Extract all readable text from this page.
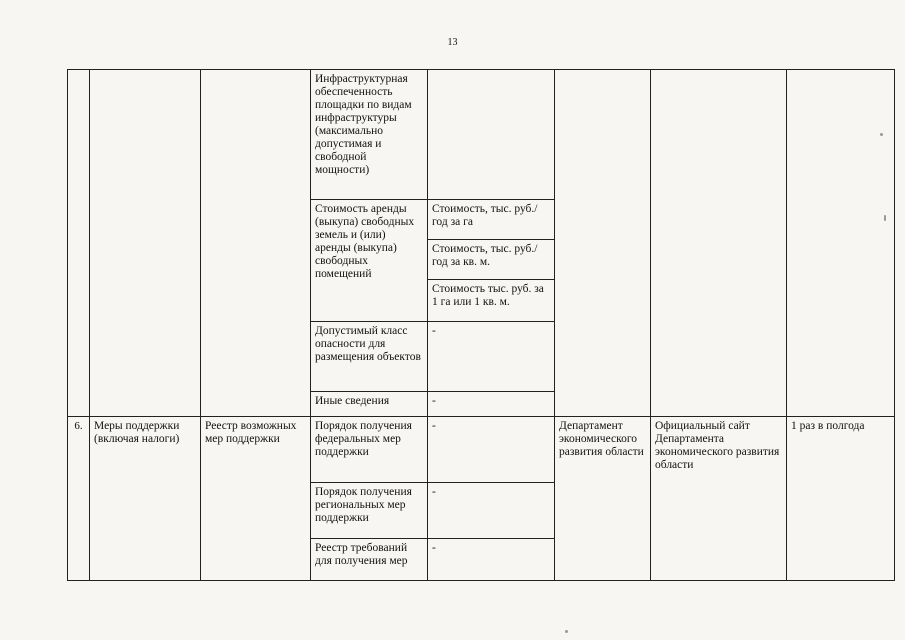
13
			Инфраструктурная обеспеченность площадки по видам инфраструктуры (максимально допустимая и свободной мощности)				
			Стоимость аренды (выкупа) свободных земель и (или) аренды (выкупа) свободных помещений	Стоимость, тыс. руб./год за га			
				Стоимость, тыс. руб./год за кв. м.			
				Стоимость тыс. руб. за 1 га или 1 кв. м.			
			Допустимый класс опасности для размещения объектов	-			
			Иные сведения	-			
6.	Меры поддержки (включая налоги)	Реестр возможных мер поддержки	Порядок получения федеральных мер поддержки	-	Департамент экономического развития области	Официальный сайт Департамента экономического развития области	1 раз в полгода
			Порядок получения региональных мер поддержки	-			
			Реестр требований для получения мер	-			
